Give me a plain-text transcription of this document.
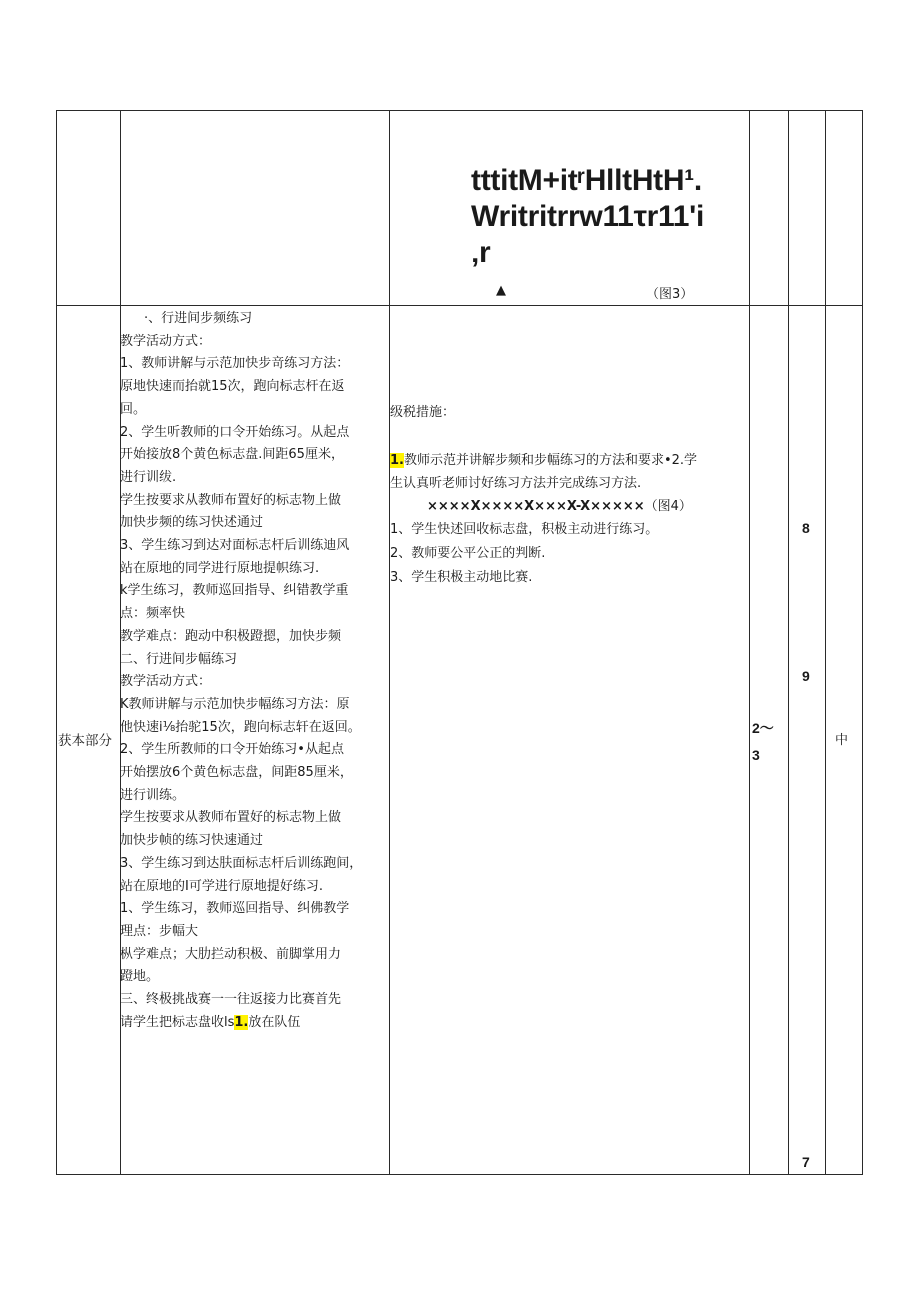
tttitM+itʳHlltHtH¹.
Writritrrw11τr11'i
‚r
▲	（图3）
获本部分
·、行进间步频练习
教学活动方式：
1、教师讲解与示范加快步竒练习方法：
原地快速而抬就15次，跑向标志杆在返
回。
2、学生听教师的口令开始练习。从起点
开始接放8个黄色标志盘.间距65厘米，
进行训绂.
学生按要求从教师布置好的标志物上做
加快步频的练习快述通过
3、学生练习到达对面标志杆后训练迪风
站在原地的同学进行原地提帜练习.
k学生练习，教师巡回指导、纠错教学重
点：频率快
教学难点：跑动中积极蹬摁，加快步频
二、行进间步幅练习
教学活动方式：
K教师讲解与示范加快步幅练习方法：原
他快速i⅛抬驼15次，跑向标志轩在返回。
2、学生所教师的口令开始练习•从起点
开始摆放6个黄色标志盘，间距85厘米，
进行训练。
学生按要求从教师布置好的标志物上做
加快步帧的练习快速通过
3、学生练习到达肤面标志杆后训练跑间，
站在原地的I可学进行原地提好练习.
1、学生练习，教师巡回指导、纠佛教学
理点：步幅大
枞学难点；大肋拦动积极、前脚掌用力
蹬地。
三、终极挑战赛一一往返接力比赛首先
请学生把标志盘收ls1.放在队伍
级税措施：
1.教师示范并讲解步频和步幅练习的方法和要求•2.学
生认真听老师讨好练习方法并完成练习方法.
××××X××××X×××X-X×××××（图4）
1、学生快述回收标志盘，积极主动进行练习。
2、教师要公平公正的判断.
3、学生积极主动地比赛.
2～
3
8
9
7
中
